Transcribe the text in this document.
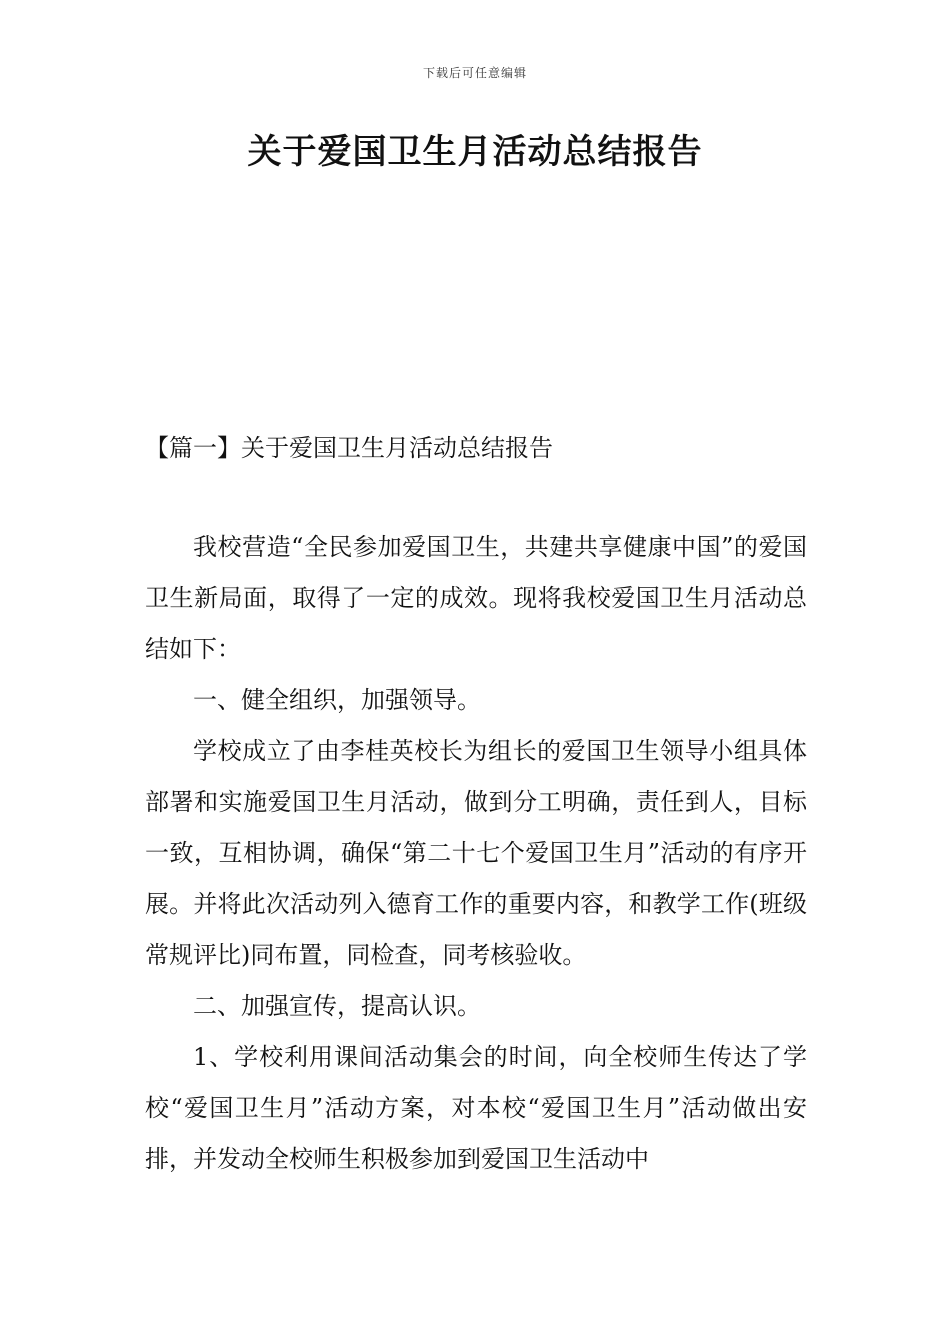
下载后可任意编辑
关于爱国卫生月活动总结报告
【篇一】关于爱国卫生月活动总结报告

我校营造“全民参加爱国卫生，共建共享健康中国”的爱国卫生新局面，取得了一定的成效。现将我校爱国卫生月活动总结如下：

一、健全组织，加强领导。

学校成立了由李桂英校长为组长的爱国卫生领导小组具体部署和实施爱国卫生月活动，做到分工明确，责任到人，目标一致，互相协调，确保“第二十七个爱国卫生月”活动的有序开展。并将此次活动列入德育工作的重要内容，和教学工作(班级常规评比)同布置，同检查，同考核验收。

二、加强宣传，提高认识。

1、学校利用课间活动集会的时间，向全校师生传达了学校“爱国卫生月”活动方案，对本校“爱国卫生月”活动做出安排，并发动全校师生积极参加到爱国卫生活动中
